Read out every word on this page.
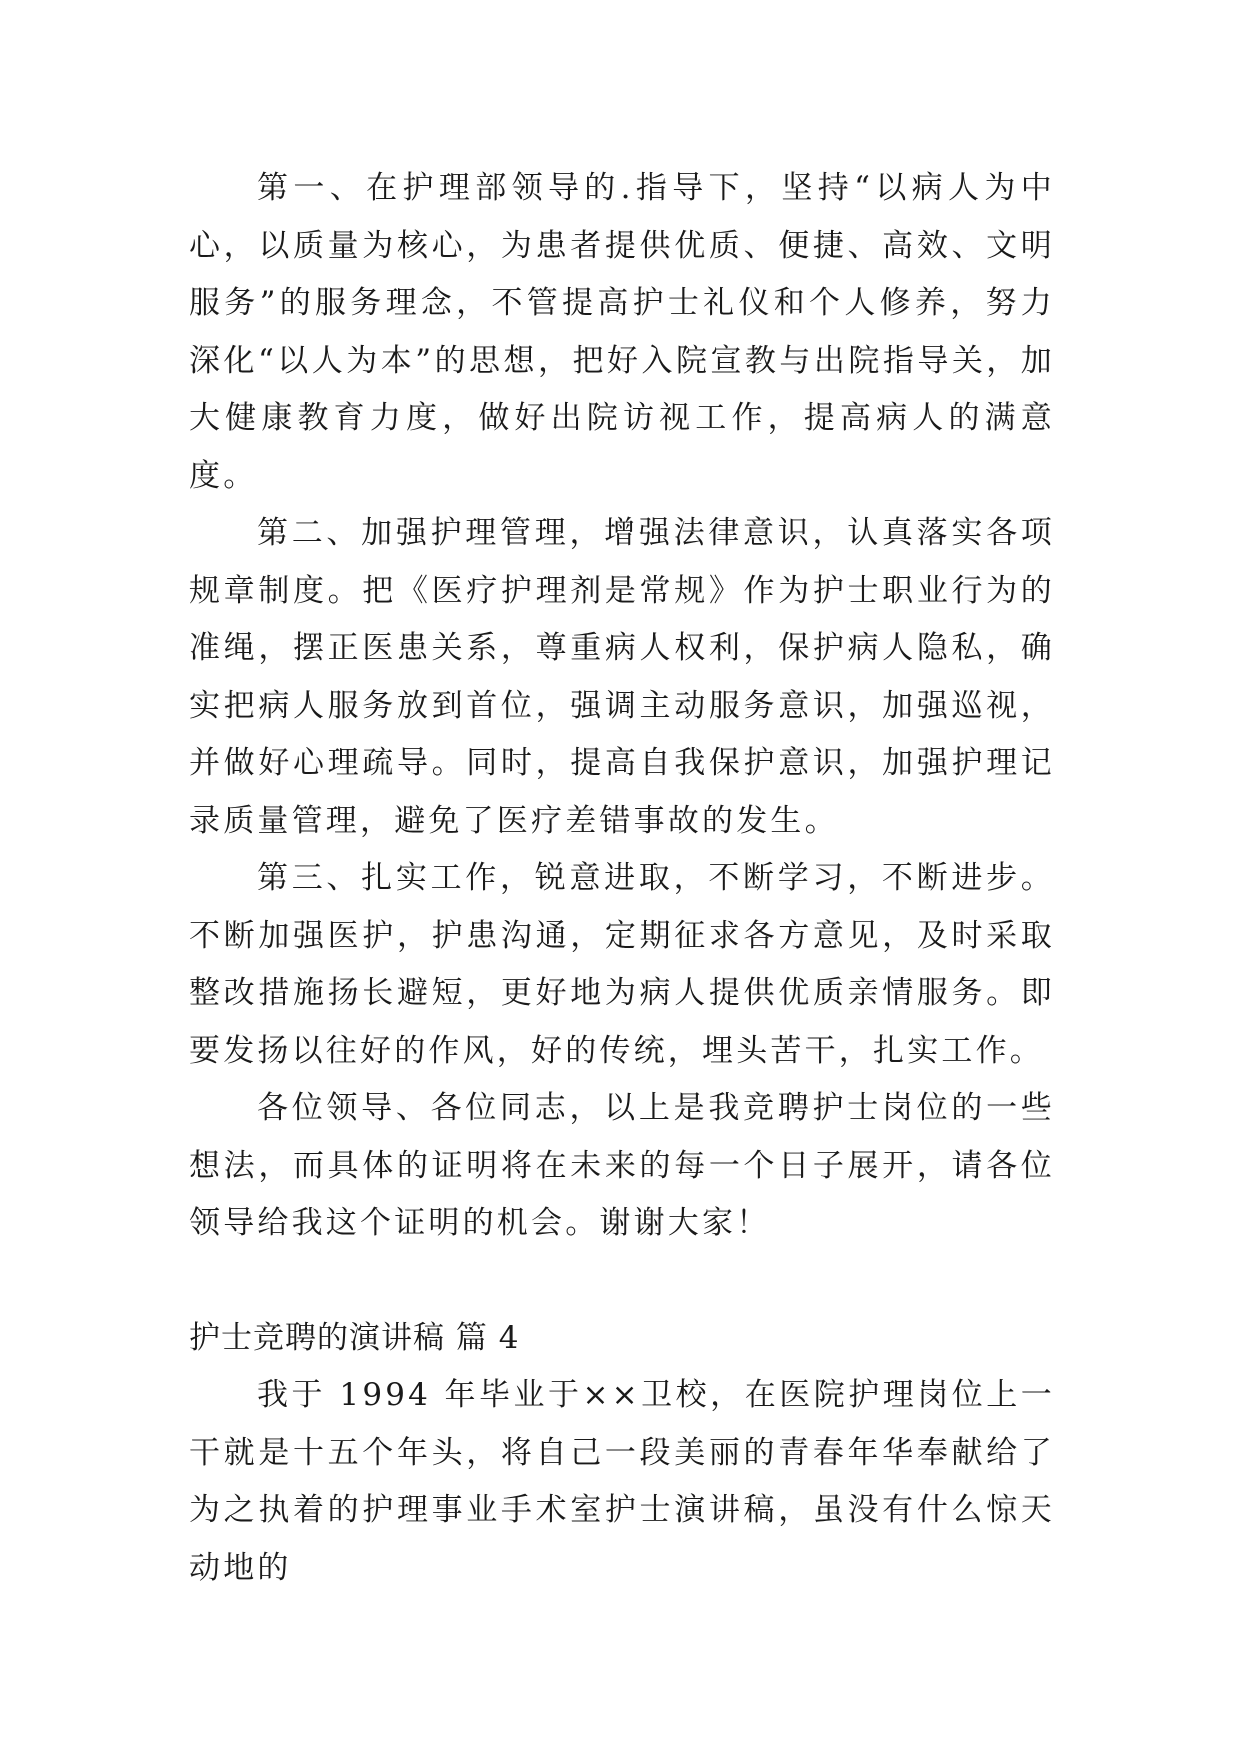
第一、在护理部领导的.指导下，坚持“以病人为中心，以质量为核心，为患者提供优质、便捷、高效、文明服务”的服务理念，不管提高护士礼仪和个人修养，努力深化“以人为本”的思想，把好入院宣教与出院指导关，加大健康教育力度，做好出院访视工作，提高病人的满意度。

第二、加强护理管理，增强法律意识，认真落实各项规章制度。把《医疗护理剂是常规》作为护士职业行为的准绳，摆正医患关系，尊重病人权利，保护病人隐私，确实把病人服务放到首位，强调主动服务意识，加强巡视，并做好心理疏导。同时，提高自我保护意识，加强护理记录质量管理，避免了医疗差错事故的发生。

第三、扎实工作，锐意进取，不断学习，不断进步。不断加强医护，护患沟通，定期征求各方意见，及时采取整改措施扬长避短，更好地为病人提供优质亲情服务。即要发扬以往好的作风，好的传统，埋头苦干，扎实工作。

各位领导、各位同志，以上是我竞聘护士岗位的一些想法，而具体的证明将在未来的每一个日子展开，请各位领导给我这个证明的机会。谢谢大家！

护士竞聘的演讲稿 篇 4

我于 1994 年毕业于××卫校，在医院护理岗位上一干就是十五个年头，将自己一段美丽的青春年华奉献给了为之执着的护理事业手术室护士演讲稿，虽没有什么惊天动地的
